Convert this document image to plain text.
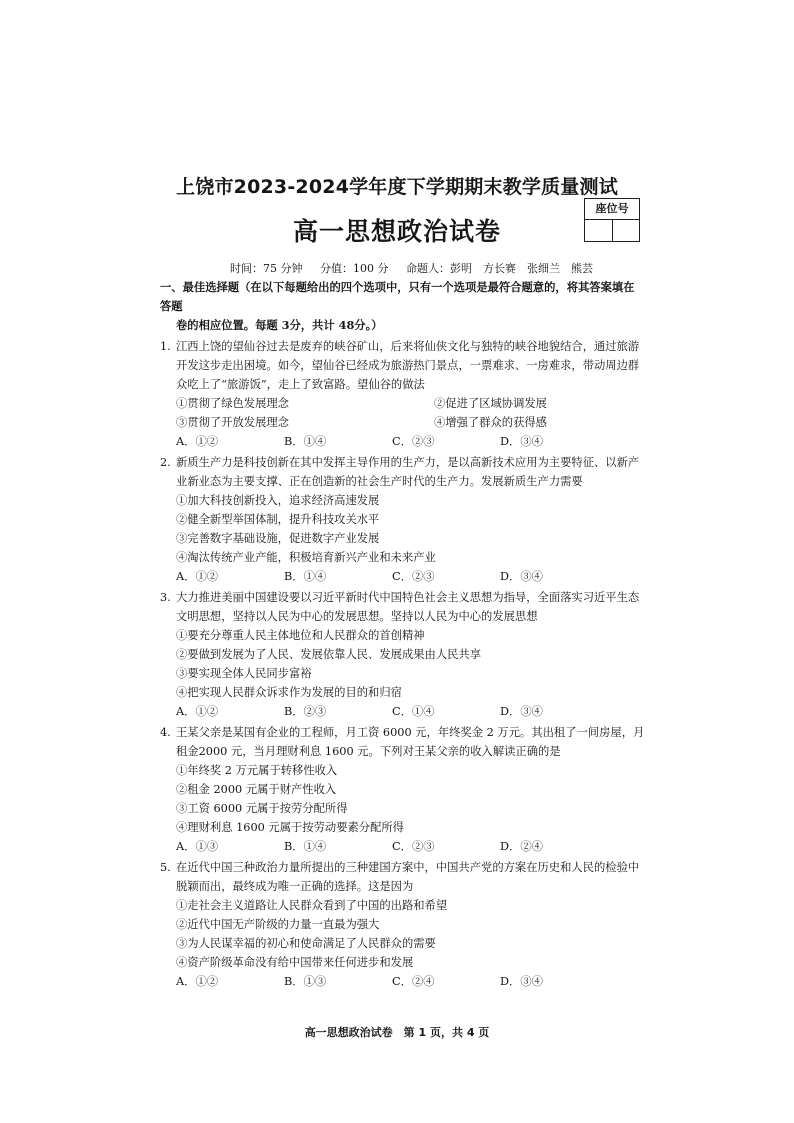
上饶市2023-2024学年度下学期期末教学质量测试
高一思想政治试卷
座位号
时间：75 分钟 分值：100 分 命题人：彭明　方长赛　张细兰　熊芸
一、最佳选择题（在以下每题给出的四个选项中，只有一个选项是最符合题意的，将其答案填在答题
卷的相应位置。每题 3分，共计 48分。）
1. 江西上饶的望仙谷过去是废弃的峡谷矿山，后来将仙侠文化与独特的峡谷地貌结合，通过旅游开发这步走出困境。如今，望仙谷已经成为旅游热门景点，一票难求、一房难求，带动周边群众吃上了“旅游饭”，走上了致富路。望仙谷的做法
①贯彻了绿色发展理念	②促进了区域协调发展
③贯彻了开放发展理念	④增强了群众的获得感
A．①②	B．①④	C．②③	D．③④
2. 新质生产力是科技创新在其中发挥主导作用的生产力，是以高新技术应用为主要特征、以新产业新业态为主要支撑、正在创造新的社会生产时代的生产力。发展新质生产力需要
①加大科技创新投入，追求经济高速发展
②健全新型举国体制，提升科技攻关水平
③完善数字基础设施，促进数字产业发展
④淘汰传统产业产能，积极培育新兴产业和未来产业
A．①②	B．①④	C．②③	D．③④
3. 大力推进美丽中国建设要以习近平新时代中国特色社会主义思想为指导，全面落实习近平生态文明思想，坚持以人民为中心的发展思想。坚持以人民为中心的发展思想
①要充分尊重人民主体地位和人民群众的首创精神
②要做到发展为了人民、发展依靠人民、发展成果由人民共享
③要实现全体人民同步富裕
④把实现人民群众诉求作为发展的目的和归宿
A．①②	B．②③	C．①④	D．③④
4. 王某父亲是某国有企业的工程师，月工资 6000 元，年终奖金 2 万元。其出租了一间房屋，月租金2000 元，当月理财利息 1600 元。下列对王某父亲的收入解读正确的是
①年终奖 2 万元属于转移性收入
②租金 2000 元属于财产性收入
③工资 6000 元属于按劳分配所得
④理财利息 1600 元属于按劳动要素分配所得
A．①③	B．①④	C．②③	D．②④
5. 在近代中国三种政治力量所提出的三种建国方案中，中国共产党的方案在历史和人民的检验中脱颖而出，最终成为唯一正确的选择。这是因为
①走社会主义道路让人民群众看到了中国的出路和希望
②近代中国无产阶级的力量一直最为强大
③为人民谋幸福的初心和使命满足了人民群众的需要
④资产阶级革命没有给中国带来任何进步和发展
A．①②	B．①③	C．②④	D．③④
高一思想政治试卷　第 1 页，共 4 页
